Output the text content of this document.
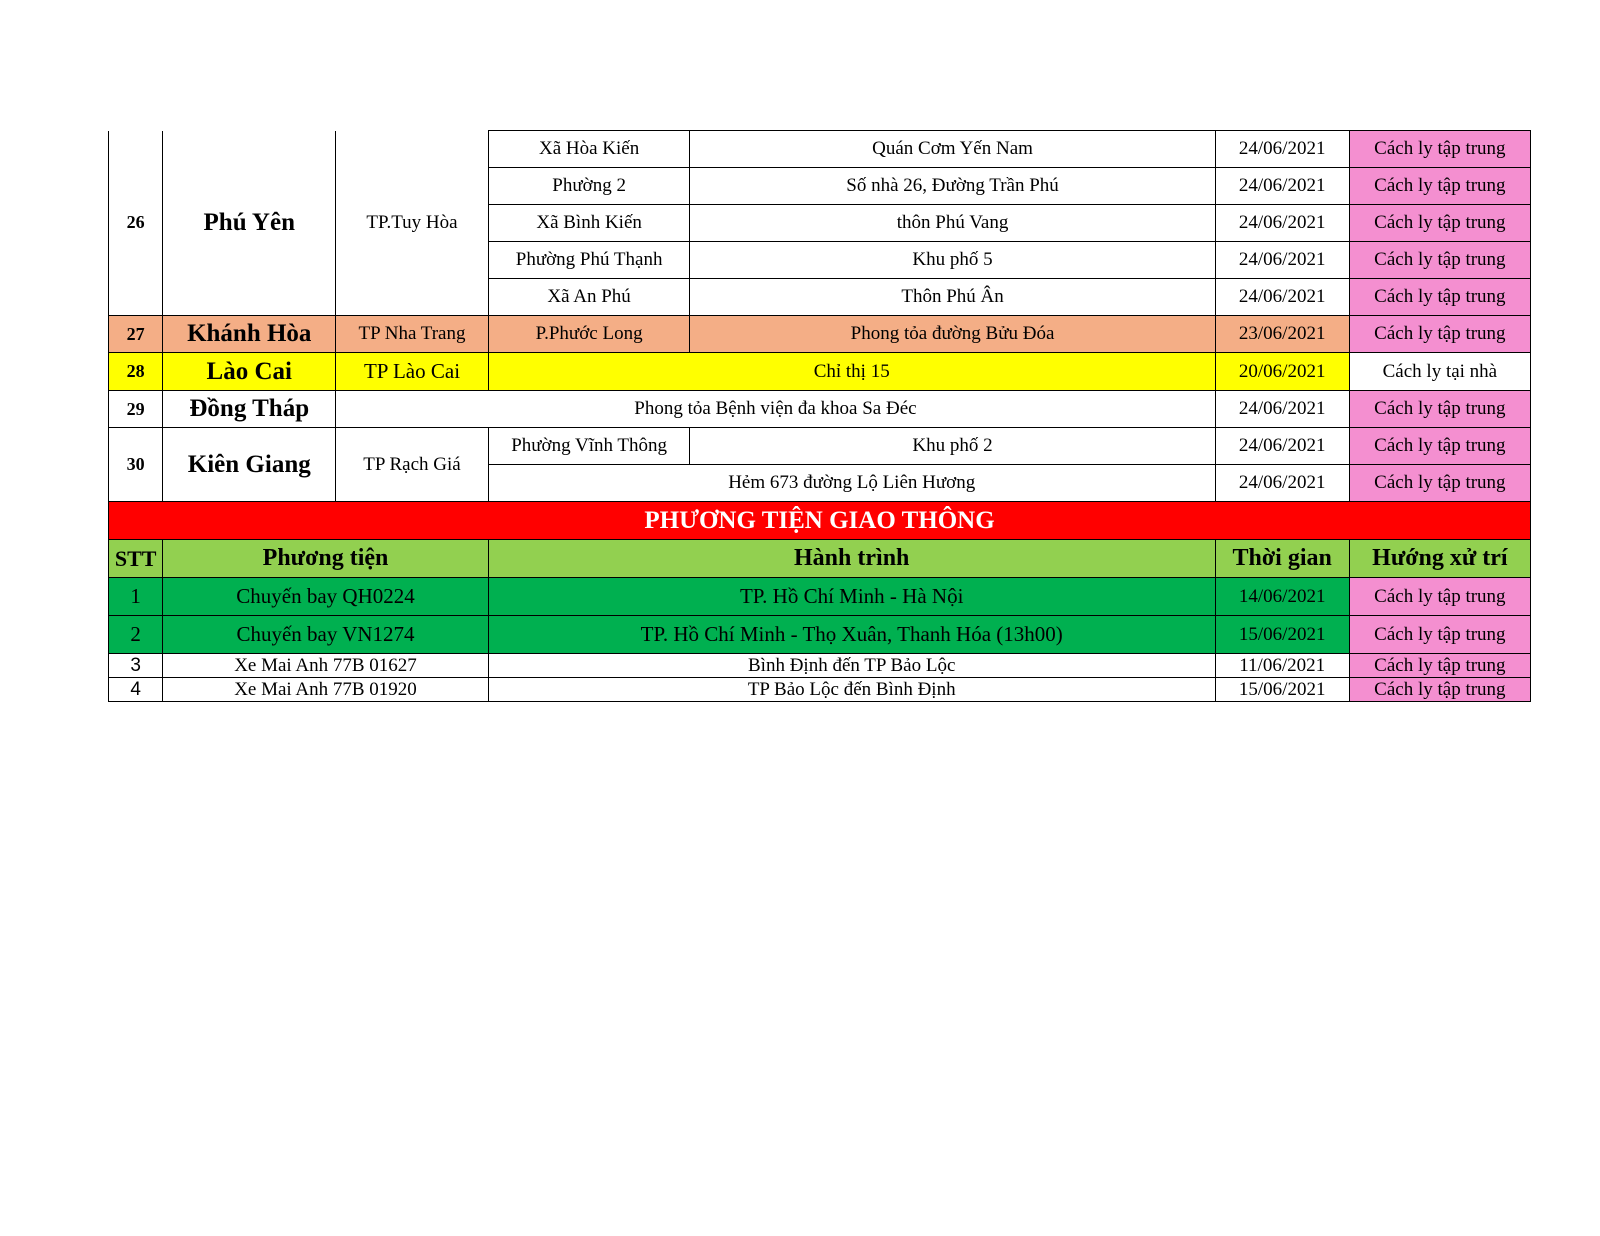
26	Phú Yên	TP.Tuy Hòa	Xã Hòa Kiến	Quán Cơm Yến Nam	24/06/2021	Cách ly tập trung
			Phường 2	Số nhà 26, Đường Trần Phú	24/06/2021	Cách ly tập trung
			Xã Bình Kiến	thôn Phú Vang	24/06/2021	Cách ly tập trung
			Phường Phú Thạnh	Khu phố 5	24/06/2021	Cách ly tập trung
			Xã An Phú	Thôn Phú Ân	24/06/2021	Cách ly tập trung
27	Khánh Hòa	TP Nha Trang	P.Phước Long	Phong tỏa đường Bửu Đóa	23/06/2021	Cách ly tập trung
28	Lào Cai	TP Lào Cai	Chỉ thị 15		20/06/2021	Cách ly tại nhà
29	Đồng Tháp	Phong tỏa Bệnh viện đa khoa Sa Đéc			24/06/2021	Cách ly tập trung
30	Kiên Giang	TP Rạch Giá	Phường Vĩnh Thông	Khu phố 2	24/06/2021	Cách ly tập trung
			Hẻm 673 đường Lộ Liên Hương		24/06/2021	Cách ly tập trung
PHƯƠNG TIỆN GIAO THÔNG						
STT	Phương tiện		Hành trình		Thời gian	Hướng xử trí
1	Chuyến bay QH0224		TP. Hồ Chí Minh - Hà Nội		14/06/2021	Cách ly tập trung
2	Chuyến bay VN1274		TP. Hồ Chí Minh - Thọ Xuân, Thanh Hóa (13h00)		15/06/2021	Cách ly tập trung
3	Xe Mai Anh 77B 01627		Bình Định đến TP Bảo Lộc		11/06/2021	Cách ly tập trung
4	Xe Mai Anh 77B 01920		TP Bảo Lộc đến Bình Định		15/06/2021	Cách ly tập trung
